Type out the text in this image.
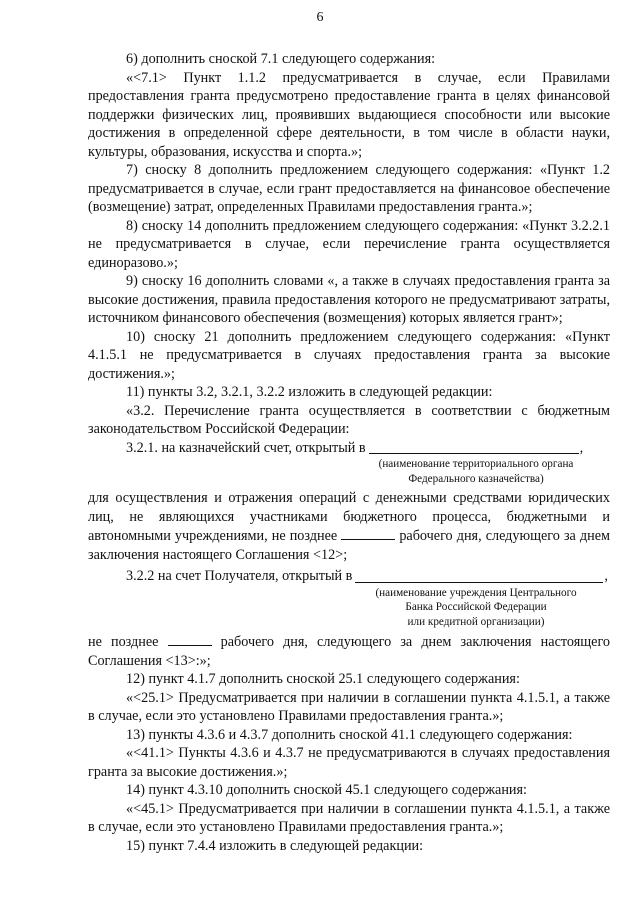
6

6) дополнить сноской 7.1 следующего содержания:

«<7.1> Пункт 1.1.2 предусматривается в случае, если Правилами предоставления гранта предусмотрено предоставление гранта в целях финансовой поддержки физических лиц, проявивших выдающиеся способности или высокие достижения в определенной сфере деятельности, в том числе в области науки, культуры, образования, искусства и спорта.»;

7) сноску 8 дополнить предложением следующего содержания: «Пункт 1.2 предусматривается в случае, если грант предоставляется на финансовое обеспечение (возмещение) затрат, определенных Правилами предоставления гранта.»;

8) сноску 14 дополнить предложением следующего содержания: «Пункт 3.2.2.1 не предусматривается в случае, если перечисление гранта осуществляется единоразово.»;

9) сноску 16 дополнить словами «, а также в случаях предоставления гранта за высокие достижения, правила предоставления которого не предусматривают затраты, источником финансового обеспечения (возмещения) которых является грант»;

10) сноску 21 дополнить предложением следующего содержания: «Пункт 4.1.5.1 не предусматривается в случаях предоставления гранта за высокие достижения.»;

11) пункты 3.2, 3.2.1, 3.2.2 изложить в следующей редакции:

«3.2. Перечисление гранта осуществляется в соответствии с бюджетным законодательством Российской Федерации:

3.2.1. на казначейский счет, открытый в	,
(наименование территориального органа
Федерального казначейства)

для осуществления и отражения операций с денежными средствами юридических лиц, не являющихся участниками бюджетного процесса, бюджетными и автономными учреждениями, не позднее	рабочего дня, следующего за днем заключения настоящего Соглашения <12>;

3.2.2 на счет Получателя, открытый в	,
(наименование учреждения Центрального
Банка Российской Федерации
или кредитной организации)

не позднее	рабочего дня, следующего за днем заключения настоящего Соглашения <13>:»;

12) пункт 4.1.7 дополнить сноской 25.1 следующего содержания:

«<25.1> Предусматривается при наличии в соглашении пункта 4.1.5.1, а также в случае, если это установлено Правилами предоставления гранта.»;

13) пункты 4.3.6 и 4.3.7 дополнить сноской 41.1 следующего содержания:

«<41.1> Пункты 4.3.6 и 4.3.7 не предусматриваются в случаях предоставления гранта за высокие достижения.»;

14) пункт 4.3.10 дополнить сноской 45.1 следующего содержания:

«<45.1> Предусматривается при наличии в соглашении пункта 4.1.5.1, а также в случае, если это установлено Правилами предоставления гранта.»;

15) пункт 7.4.4 изложить в следующей редакции:
